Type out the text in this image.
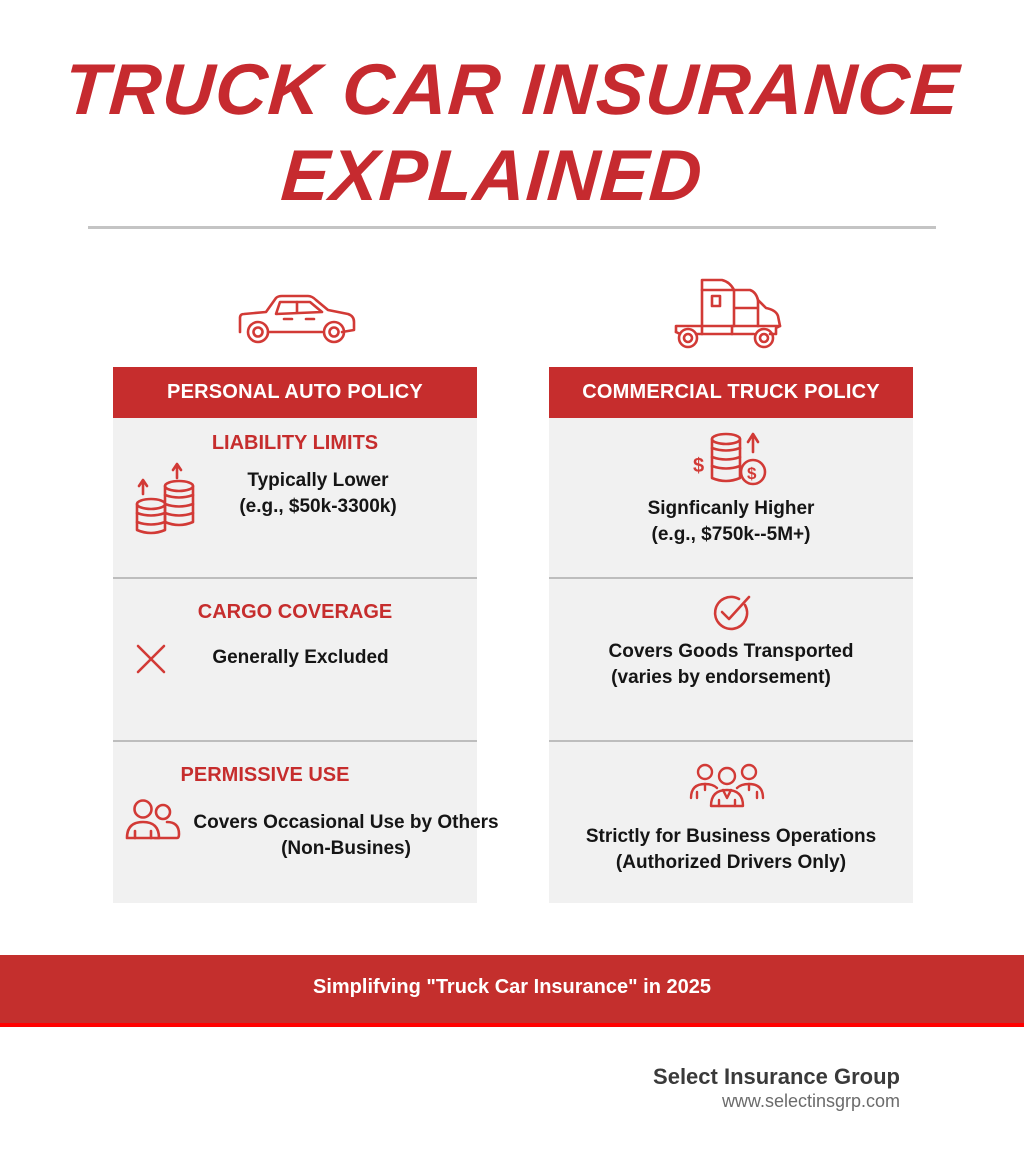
TRUCK CAR INSURANCE
EXPLAINED
PERSONAL AUTO POLICY
LIABILITY LIMITS
Typically Lower
(e.g., $50k-3300k)
CARGO COVERAGE
Generally Excluded
PERMISSIVE USE
Covers Occasional Use by Others
(Non-Busines)
COMMERCIAL TRUCK POLICY
$	$
Signficanly Higher
(e.g., $750k--5M+)
Covers Goods Transported
(varies by endorsement)
Strictly for Business Operations
(Authorized Drivers Only)
Simplifving "Truck Car Insurance" in 2025
Select Insurance Group
www.selectinsgrp.com
